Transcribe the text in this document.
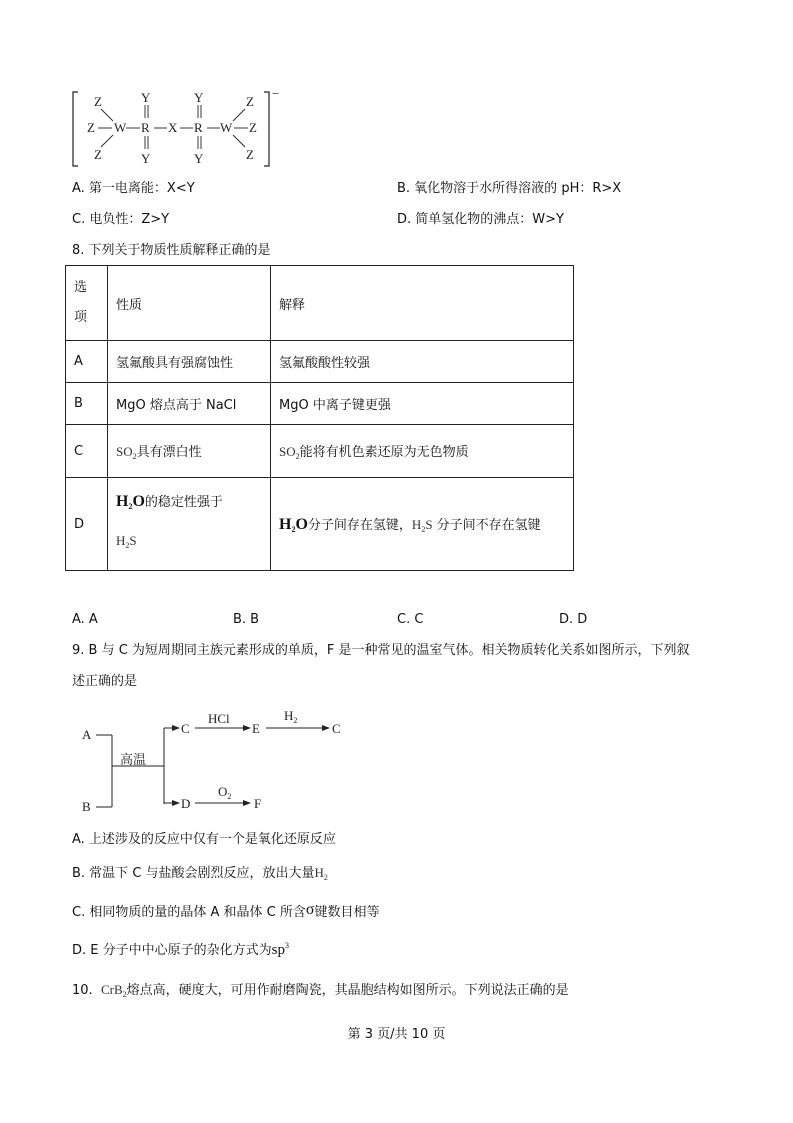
−
Z
Z
Z
W R
Y
Y
X R
Y
Y
W
Z
Z
Z
A. 第一电离能：X<Y	B. 氧化物溶于水所得溶液的 pH：R>X
C. 电负性：Z>Y	D. 简单氢化物的沸点：W>Y
8. 下列关于物质性质解释正确的是
选
项	性质	解释
A	氢氟酸具有强腐蚀性	氢氟酸酸性较强
B	MgO 熔点高于 NaCl	MgO 中离子键更强
C	$SO_2$具有漂白性	$SO_2$能将有机色素还原为无色物质
D	$H_2O$的稳定性强于
$H_2S$	$H_2O$分子间存在氢键，$H_2S$ 分子间不存在氢键
A. A	B. B	C. C	D. D
9. B 与 C 为短周期同主族元素形成的单质，F 是一种常见的温室气体。相关物质转化关系如图所示，下列叙
述正确的是
A
B
高温
C
HCl
E
$H_2$
C
D
$O_2$ F
A. 上述涉及的反应中仅有一个是氧化还原反应
B. 常温下 C 与盐酸会剧烈反应，放出大量$H_2$
C. 相同物质的量的晶体 A 和晶体 C 所含σ键数目相等
D. E 分子中中心原子的杂化方式为$sp^3$
10. CrB$_2$熔点高，硬度大，可用作耐磨陶瓷，其晶胞结构如图所示。下列说法正确的是
第 3 页/共 10 页
